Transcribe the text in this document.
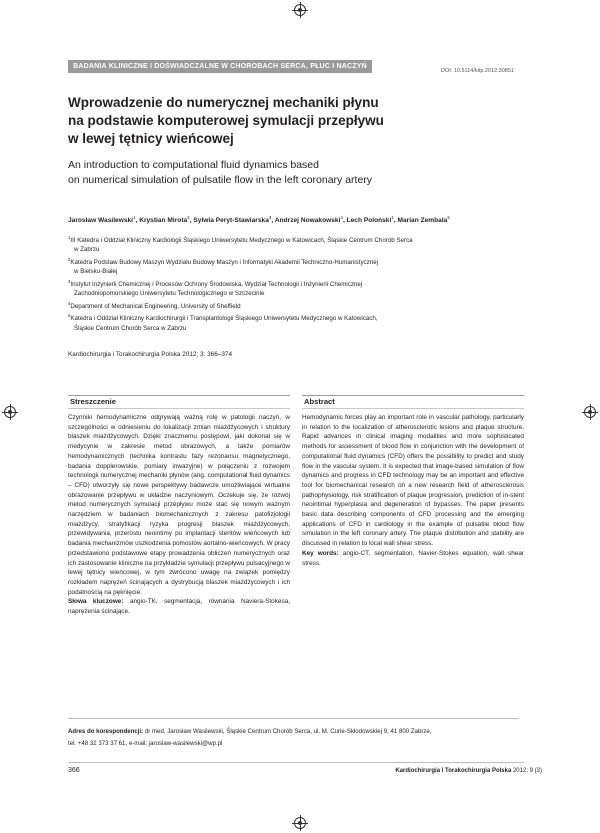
BADANIA KLINICZNE I DOŚWIADCZALNE W CHOROBACH SERCA, PŁUC I NACZYŃ
DOI: 10.5114/kitp.2012.30851
Wprowadzenie do numerycznej mechaniki płynu
na podstawie komputerowej symulacji przepływu
w lewej tętnicy wieńcowej
An introduction to computational fluid dynamics based
on numerical simulation of pulsatile flow in the left coronary artery
Jarosław Wasilewski$^1$, Krystian Mirota$^2$, Sylwia Peryt-Stawiarska$^3$, Andrzej Nowakowski$^4$, Lech Poloński$^1$, Marian Zembala$^5$
$^1$III Katedra i Oddział Kliniczny Kardiologii Śląskiego Uniwersytetu Medycznego w Katowicach, Śląskie Centrum Chorób Serca
w Zabrzu
$^2$Katedra Podstaw Budowy Maszyn Wydziału Budowy Maszyn i Informatyki Akademii Techniczno-Humanistycznej
w Bielsku-Białej
$^3$Instytut Inżynierii Chemicznej i Procesów Ochrony Środowiska, Wydział Technologii i Inżynierii Chemicznej
Zachodniopomorskiego Uniwersytetu Technologicznego w Szczecinie
$^4$Department of Mechanical Engineering, University of Sheffield
$^5$Katedra i Oddział Kliniczny Kardiochirurgii i Transplantologii Śląskiego Uniwersytetu Medycznego w Katowicach,
Śląskie Centrum Chorób Serca w Zabrzu
Kardiochirurgia i Torakochirurgia Polska 2012; 3: 366–374
Streszczenie

Czynniki hemodynamiczne odgrywają ważną rolę w patologii naczyń, w szczególności w odniesieniu do lokalizacji zmian miażdżycowych i struktury blaszek miażdżycowych. Dzięki znacznemu postępowi, jaki dokonał się w medycynie w zakresie metod obrazowych, a także pomiarów hemodynamicznych (technika kontrastu fazy rezonansu magnetycznego, badania dopplerowskie, pomiary inwazyjne) w połączeniu z rozwojem technologii numerycznej mechaniki płynów (ang. computational fluid dynamics – CFD) otworzyły się nowe perspektywy badawcze umożliwiające wirtualne obrazowanie przepływu w układzie naczyniowym. Oczekuje się, że rozwój metod numerycznych symulacji przepływu może stać się nowym ważnym narzędziem w badaniach biomechanicznych z zakresu patofizjologii miażdżycy, stratyfikacji ryzyka progresji blaszek miażdżycowych, przewidywania, przerostu neointimy po implantacji stentów wieńcowych lub badania mechanizmów uszkodzenia pomostów aortalno-wieńcowych. W pracy przedstawiono podstawowe etapy prowadzenia obliczeń numerycznych oraz ich zastosowanie kliniczne na przykładzie symulacji przepływu pulsacyjnego w lewej tętnicy wieńcowej, w tym zwrócono uwagę na związek pomiędzy rozkładem naprężeń ścinających a dystrybucją blaszek miażdżycowych i ich podatnością na pęknięcie.

Słowa kluczowe: angio-TK, segmentacja, równania Naviera-Stokesa, naprężenia ścinające.

Abstract

Hemodynamic forces play an important role in vascular pathology, particularly in relation to the localization of atherosclerotic lesions and plaque structure. Rapid advances in clinical imaging modalities and more sophisticated methods for assessment of blood flow in conjunction with the development of computational fluid dynamics (CFD) offers the possibility to predict and study flow in the vascular system. It is expected that image-based simulation of flow dynamics and progress in CFD technology may be an important and effective tool for biomechanical research on a new research field of atherosclerosis pathophysiology, risk stratification of plaque progression, prediction of in-stent neointimal hyperplasia and degeneration of bypasses. The paper presents basic data describing components of CFD processing and the emerging applications of CFD in cardiology in the example of pulsatile blood flow simulation in the left coronary artery. The plaque distribution and stability are discussed in relation to local wall shear stress.

Key words: angio-CT, segmentation, Navier-Stokes equation, wall shear stress.

Adres do korespondencji: dr med. Jarosław Wasilewski, Śląskie Centrum Chorób Serca, ul. M. Curie-Skłodowskiej 9, 41 800 Zabrze,
tel. +48 32 373 37 61, e-mail: jaroslaw-wasilewski@wp.pl
366	Kardiochirurgia i Torakochirurgia Polska 2012; 9 (3)
